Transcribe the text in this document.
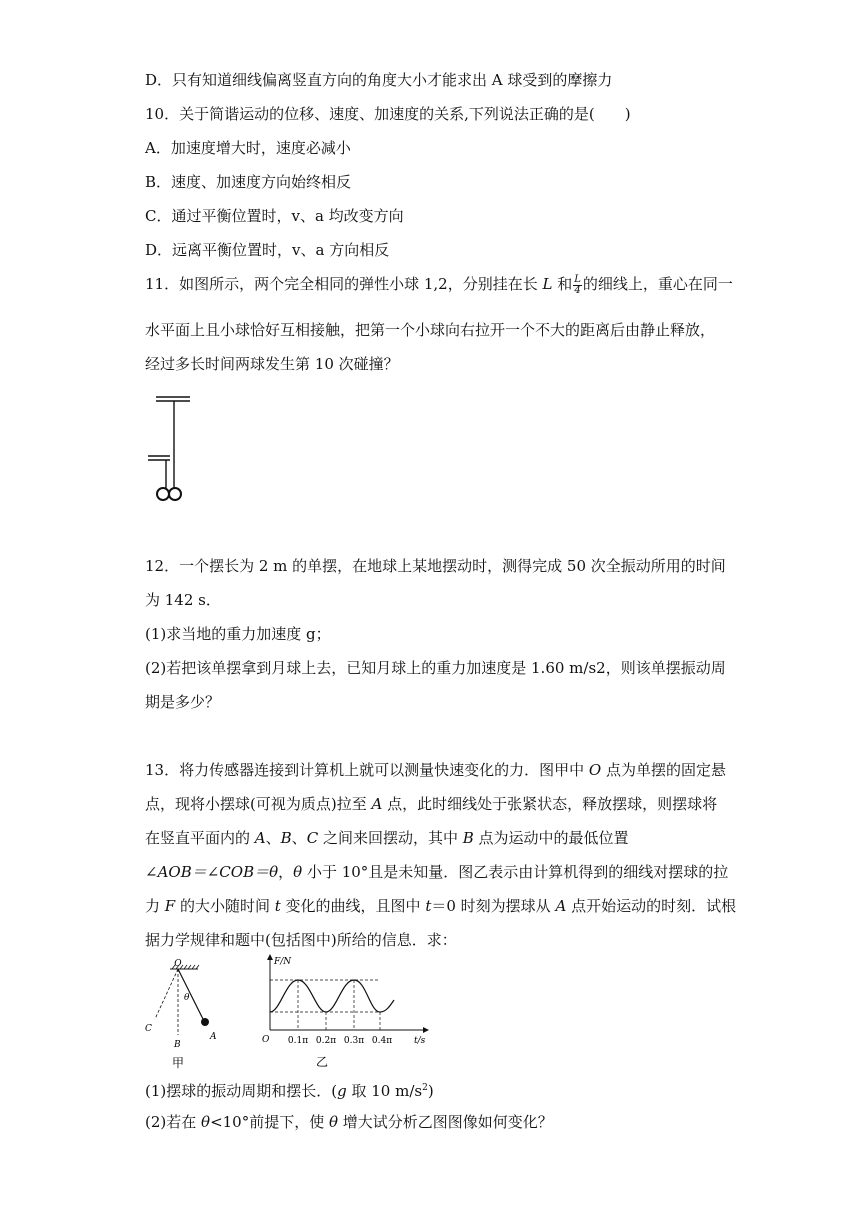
D．只有知道细线偏离竖直方向的角度大小才能求出 A 球受到的摩擦力
10．关于简谐运动的位移、速度、加速度的关系,下列说法正确的是(　　)
A．加速度增大时，速度必减小
B．速度、加速度方向始终相反
C．通过平衡位置时，v、a 均改变方向
D．远离平衡位置时，v、a 方向相反
11．如图所示，两个完全相同的弹性小球 1,2，分别挂在长 L 和 $\frac{L}{4}$ 的细线上，重心在同一
水平面上且小球恰好互相接触，把第一个小球向右拉开一个不大的距离后由静止释放，
经过多长时间两球发生第 10 次碰撞？
12．一个摆长为 2 m 的单摆，在地球上某地摆动时，测得完成 50 次全振动所用的时间
为 142 s．
(1)求当地的重力加速度 g；
(2)若把该单摆拿到月球上去，已知月球上的重力加速度是 1.60 m/s2，则该单摆振动周
期是多少？
13．将力传感器连接到计算机上就可以测量快速变化的力．图甲中 O 点为单摆的固定悬
点，现将小摆球(可视为质点)拉至 A 点，此时细线处于张紧状态，释放摆球，则摆球将
在竖直平面内的 A、B、C 之间来回摆动，其中 B 点为运动中的最低位置
∠AOB＝∠COB＝θ，θ 小于 10°且是未知量．图乙表示由计算机得到的细线对摆球的拉
力 F 的大小随时间 t 变化的曲线，且图中 t＝0 时刻为摆球从 A 点开始运动的时刻．试根
据力学规律和题中(包括图中)所给的信息．求：
O
θ
C
B
A
甲
F/N
O 0.1π 0.2π 0.3π 0.4π t/s
乙
(1)摆球的振动周期和摆长．(g 取 10 $m/s^2$)
(2)若在 θ<10°前提下，使 θ 增大试分析乙图图像如何变化？
